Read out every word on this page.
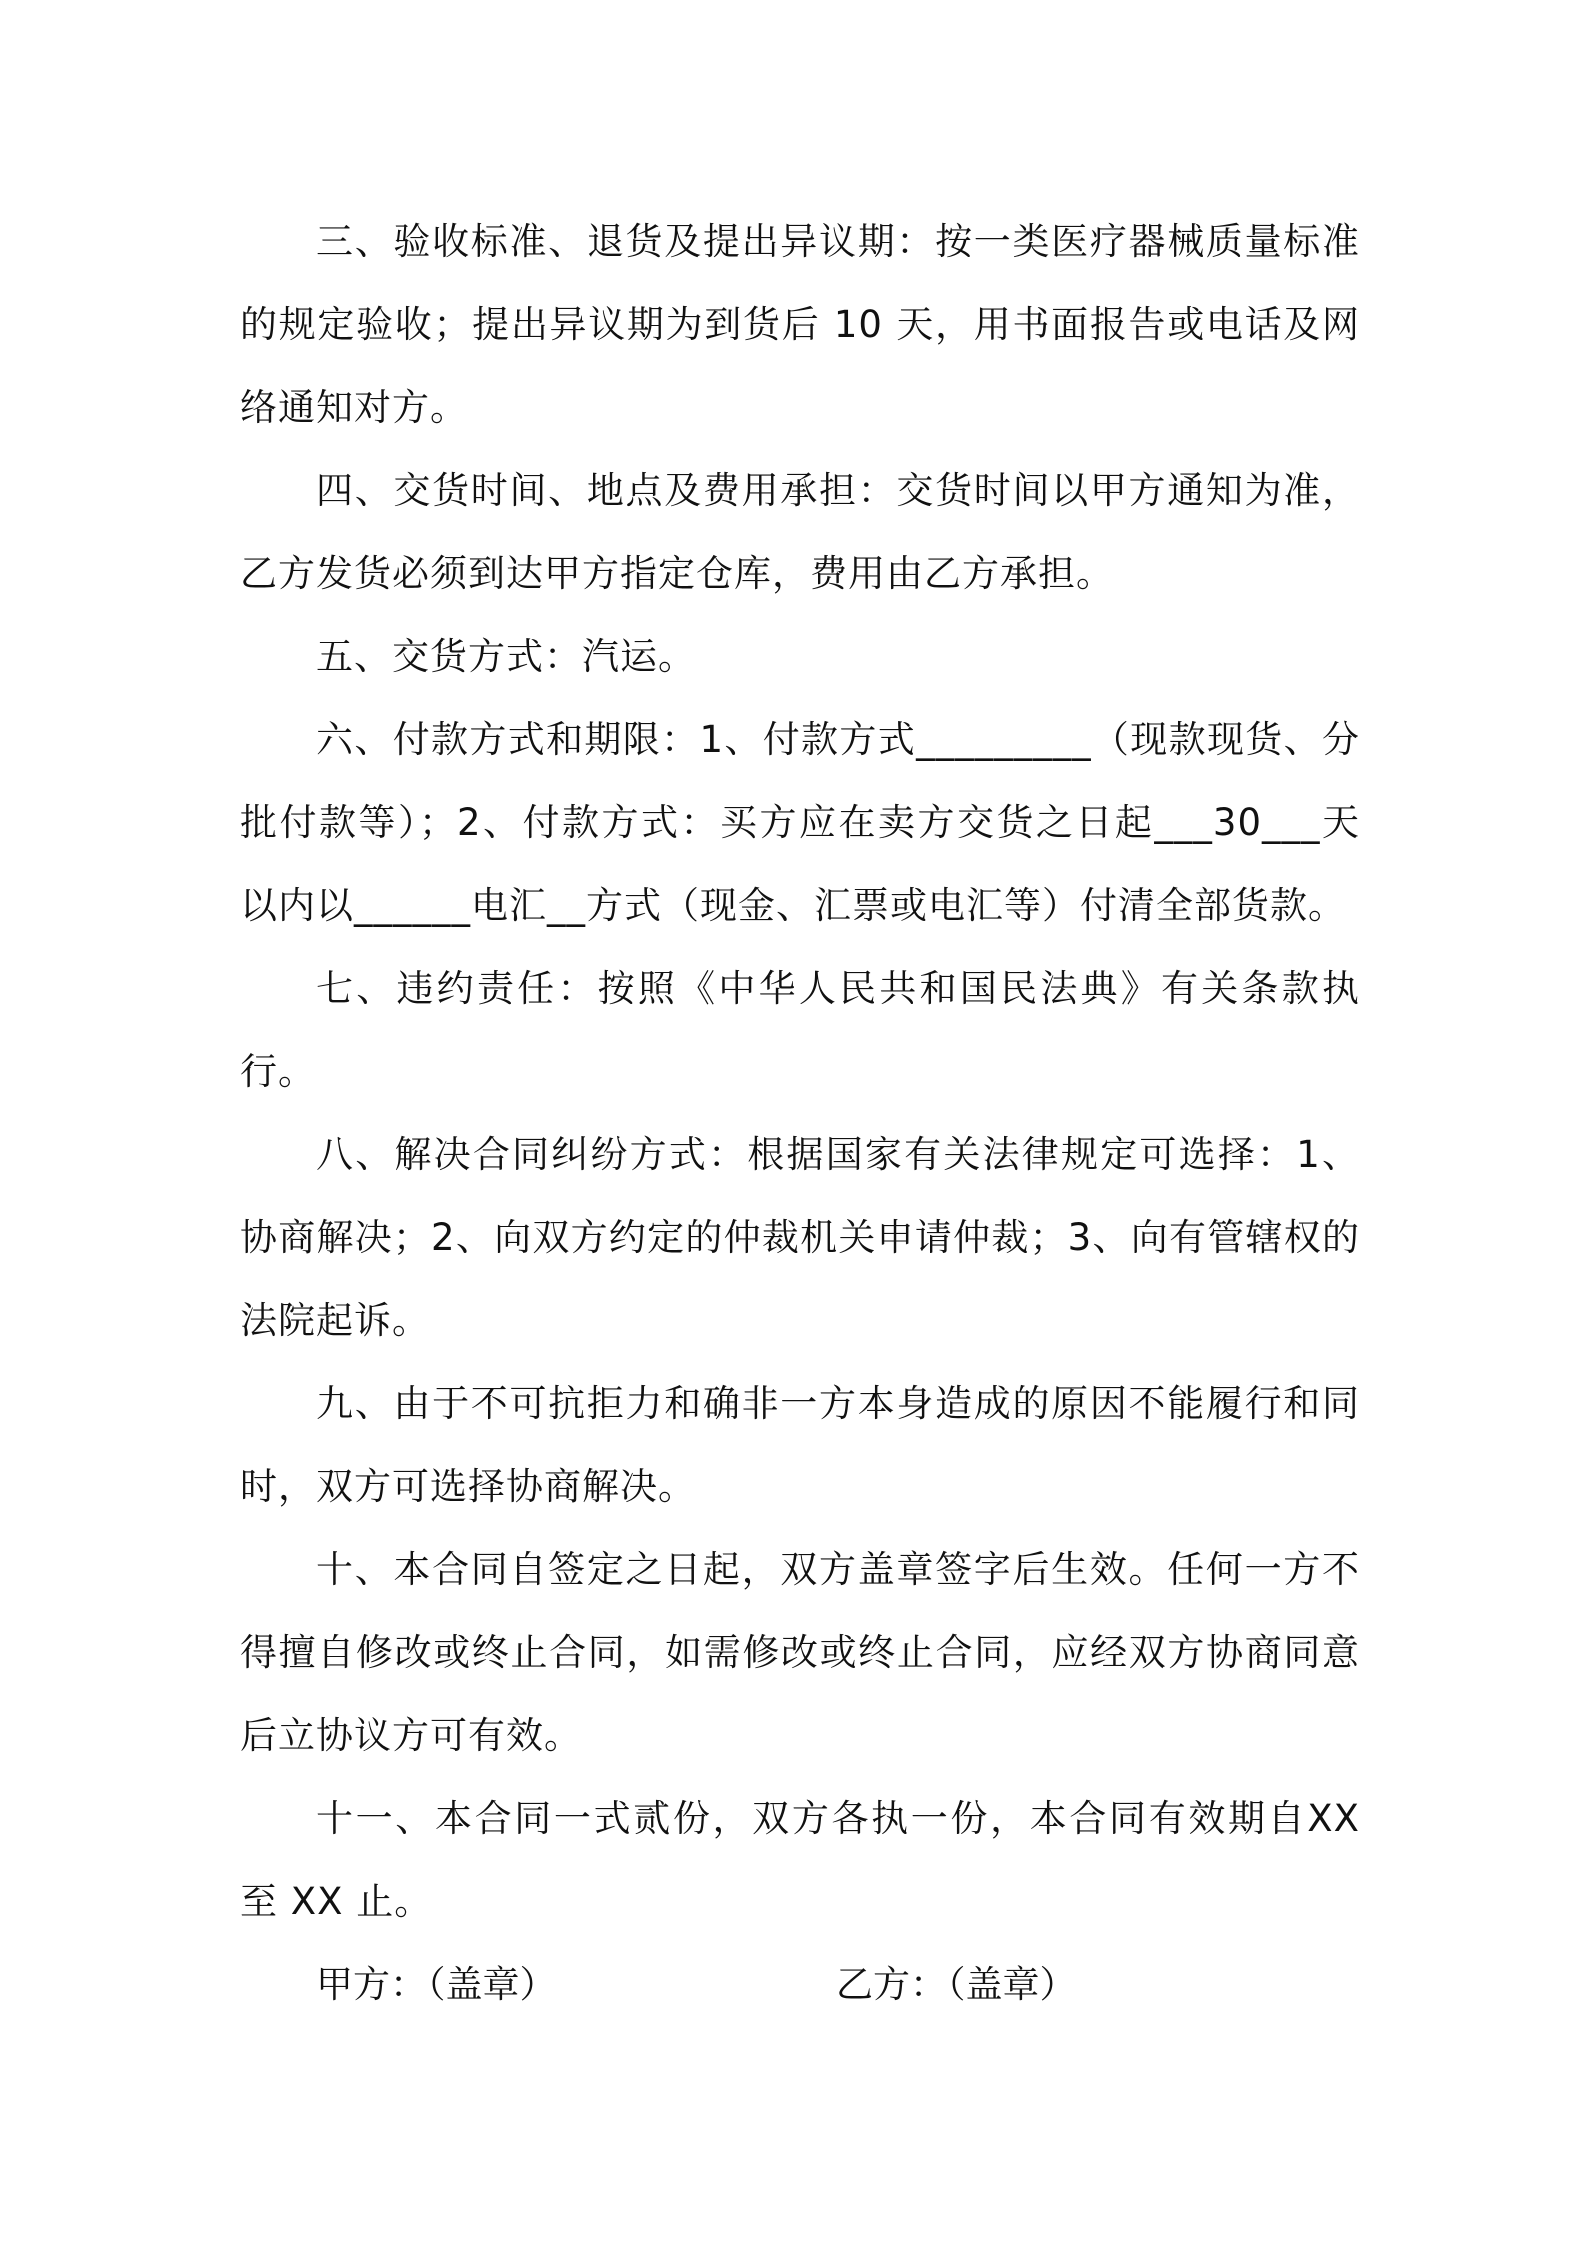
三、验收标准、退货及提出异议期：按一类医疗器械质量标准的规定验收；提出异议期为到货后 10 天，用书面报告或电话及网络通知对方。

四、交货时间、地点及费用承担：交货时间以甲方通知为准，乙方发货必须到达甲方指定仓库，费用由乙方承担。

五、交货方式：汽运。

六、付款方式和期限：1、付款方式_________（现款现货、分批付款等）；2、付款方式：买方应在卖方交货之日起___30___天以内以______电汇__方式（现金、汇票或电汇等）付清全部货款。

七、违约责任：按照《中华人民共和国民法典》有关条款执行。

八、解决合同纠纷方式：根据国家有关法律规定可选择：1、协商解决；2、向双方约定的仲裁机关申请仲裁；3、向有管辖权的法院起诉。

九、由于不可抗拒力和确非一方本身造成的原因不能履行和同时，双方可选择协商解决。

十、本合同自签定之日起，双方盖章签字后生效。任何一方不得擅自修改或终止合同，如需修改或终止合同，应经双方协商同意后立协议方可有效。

十一、本合同一式贰份，双方各执一份，本合同有效期自XX 至 XX 止。

甲方：（盖章）	乙方：（盖章）
